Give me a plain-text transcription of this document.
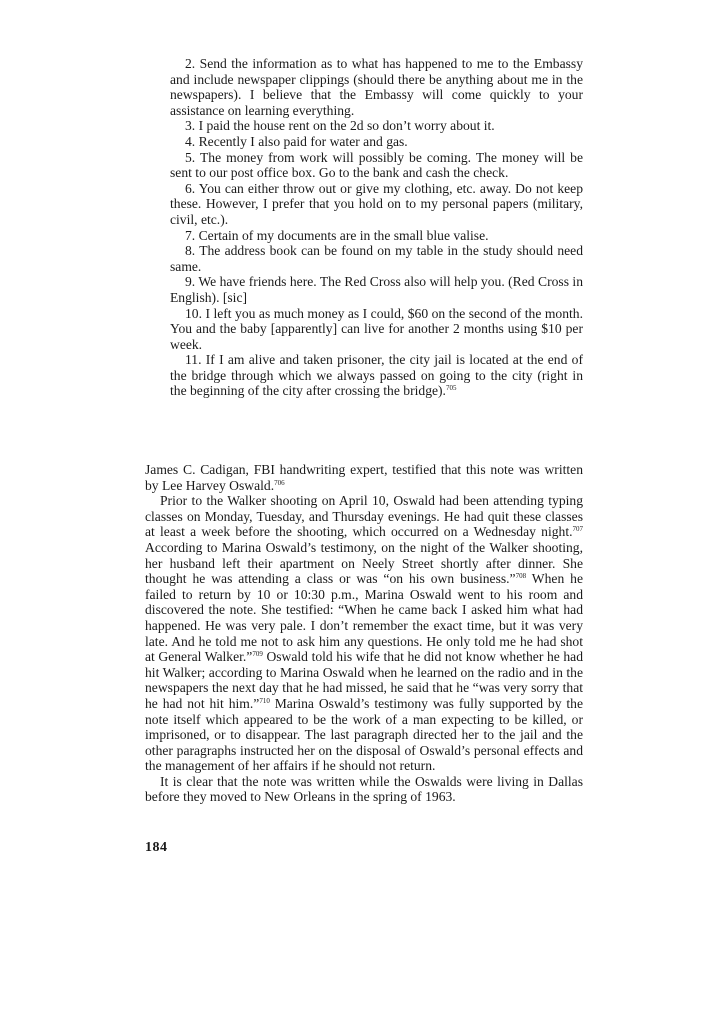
2. Send the information as to what has happened to me to the Embassy and include newspaper clippings (should there be anything about me in the newspapers). I believe that the Embassy will come quickly to your assistance on learning everything.

3. I paid the house rent on the 2d so don’t worry about it.

4. Recently I also paid for water and gas.

5. The money from work will possibly be coming. The money will be sent to our post office box. Go to the bank and cash the check.

6. You can either throw out or give my clothing, etc. away. Do not keep these. However, I prefer that you hold on to my personal papers (military, civil, etc.).

7. Certain of my documents are in the small blue valise.

8. The address book can be found on my table in the study should need same.

9. We have friends here. The Red Cross also will help you. (Red Cross in English). [sic]

10. I left you as much money as I could, $60 on the second of the month. You and the baby [apparently] can live for another 2 months using $10 per week.

11. If I am alive and taken prisoner, the city jail is located at the end of the bridge through which we always passed on going to the city (right in the beginning of the city after crossing the bridge).$^{705}$

James C. Cadigan, FBI handwriting expert, testified that this note was written by Lee Harvey Oswald.$^{706}$

Prior to the Walker shooting on April 10, Oswald had been attending typing classes on Monday, Tuesday, and Thursday evenings. He had quit these classes at least a week before the shooting, which occurred on a Wednesday night.$^{707}$ According to Marina Oswald’s testimony, on the night of the Walker shooting, her husband left their apartment on Neely Street shortly after dinner. She thought he was attending a class or was “on his own business.”$^{708}$ When he failed to return by 10 or 10:30 p.m., Marina Oswald went to his room and discovered the note. She testified: “When he came back I asked him what had happened. He was very pale. I don’t remember the exact time, but it was very late. And he told me not to ask him any questions. He only told me he had shot at General Walker.”$^{709}$ Oswald told his wife that he did not know whether he had hit Walker; according to Marina Oswald when he learned on the radio and in the newspapers the next day that he had missed, he said that he “was very sorry that he had not hit him.”$^{710}$ Marina Oswald’s testimony was fully supported by the note itself which appeared to be the work of a man expecting to be killed, or imprisoned, or to disappear. The last paragraph directed her to the jail and the other paragraphs instructed her on the disposal of Oswald’s personal effects and the management of her affairs if he should not return.

It is clear that the note was written while the Oswalds were living in Dallas before they moved to New Orleans in the spring of 1963.

184
